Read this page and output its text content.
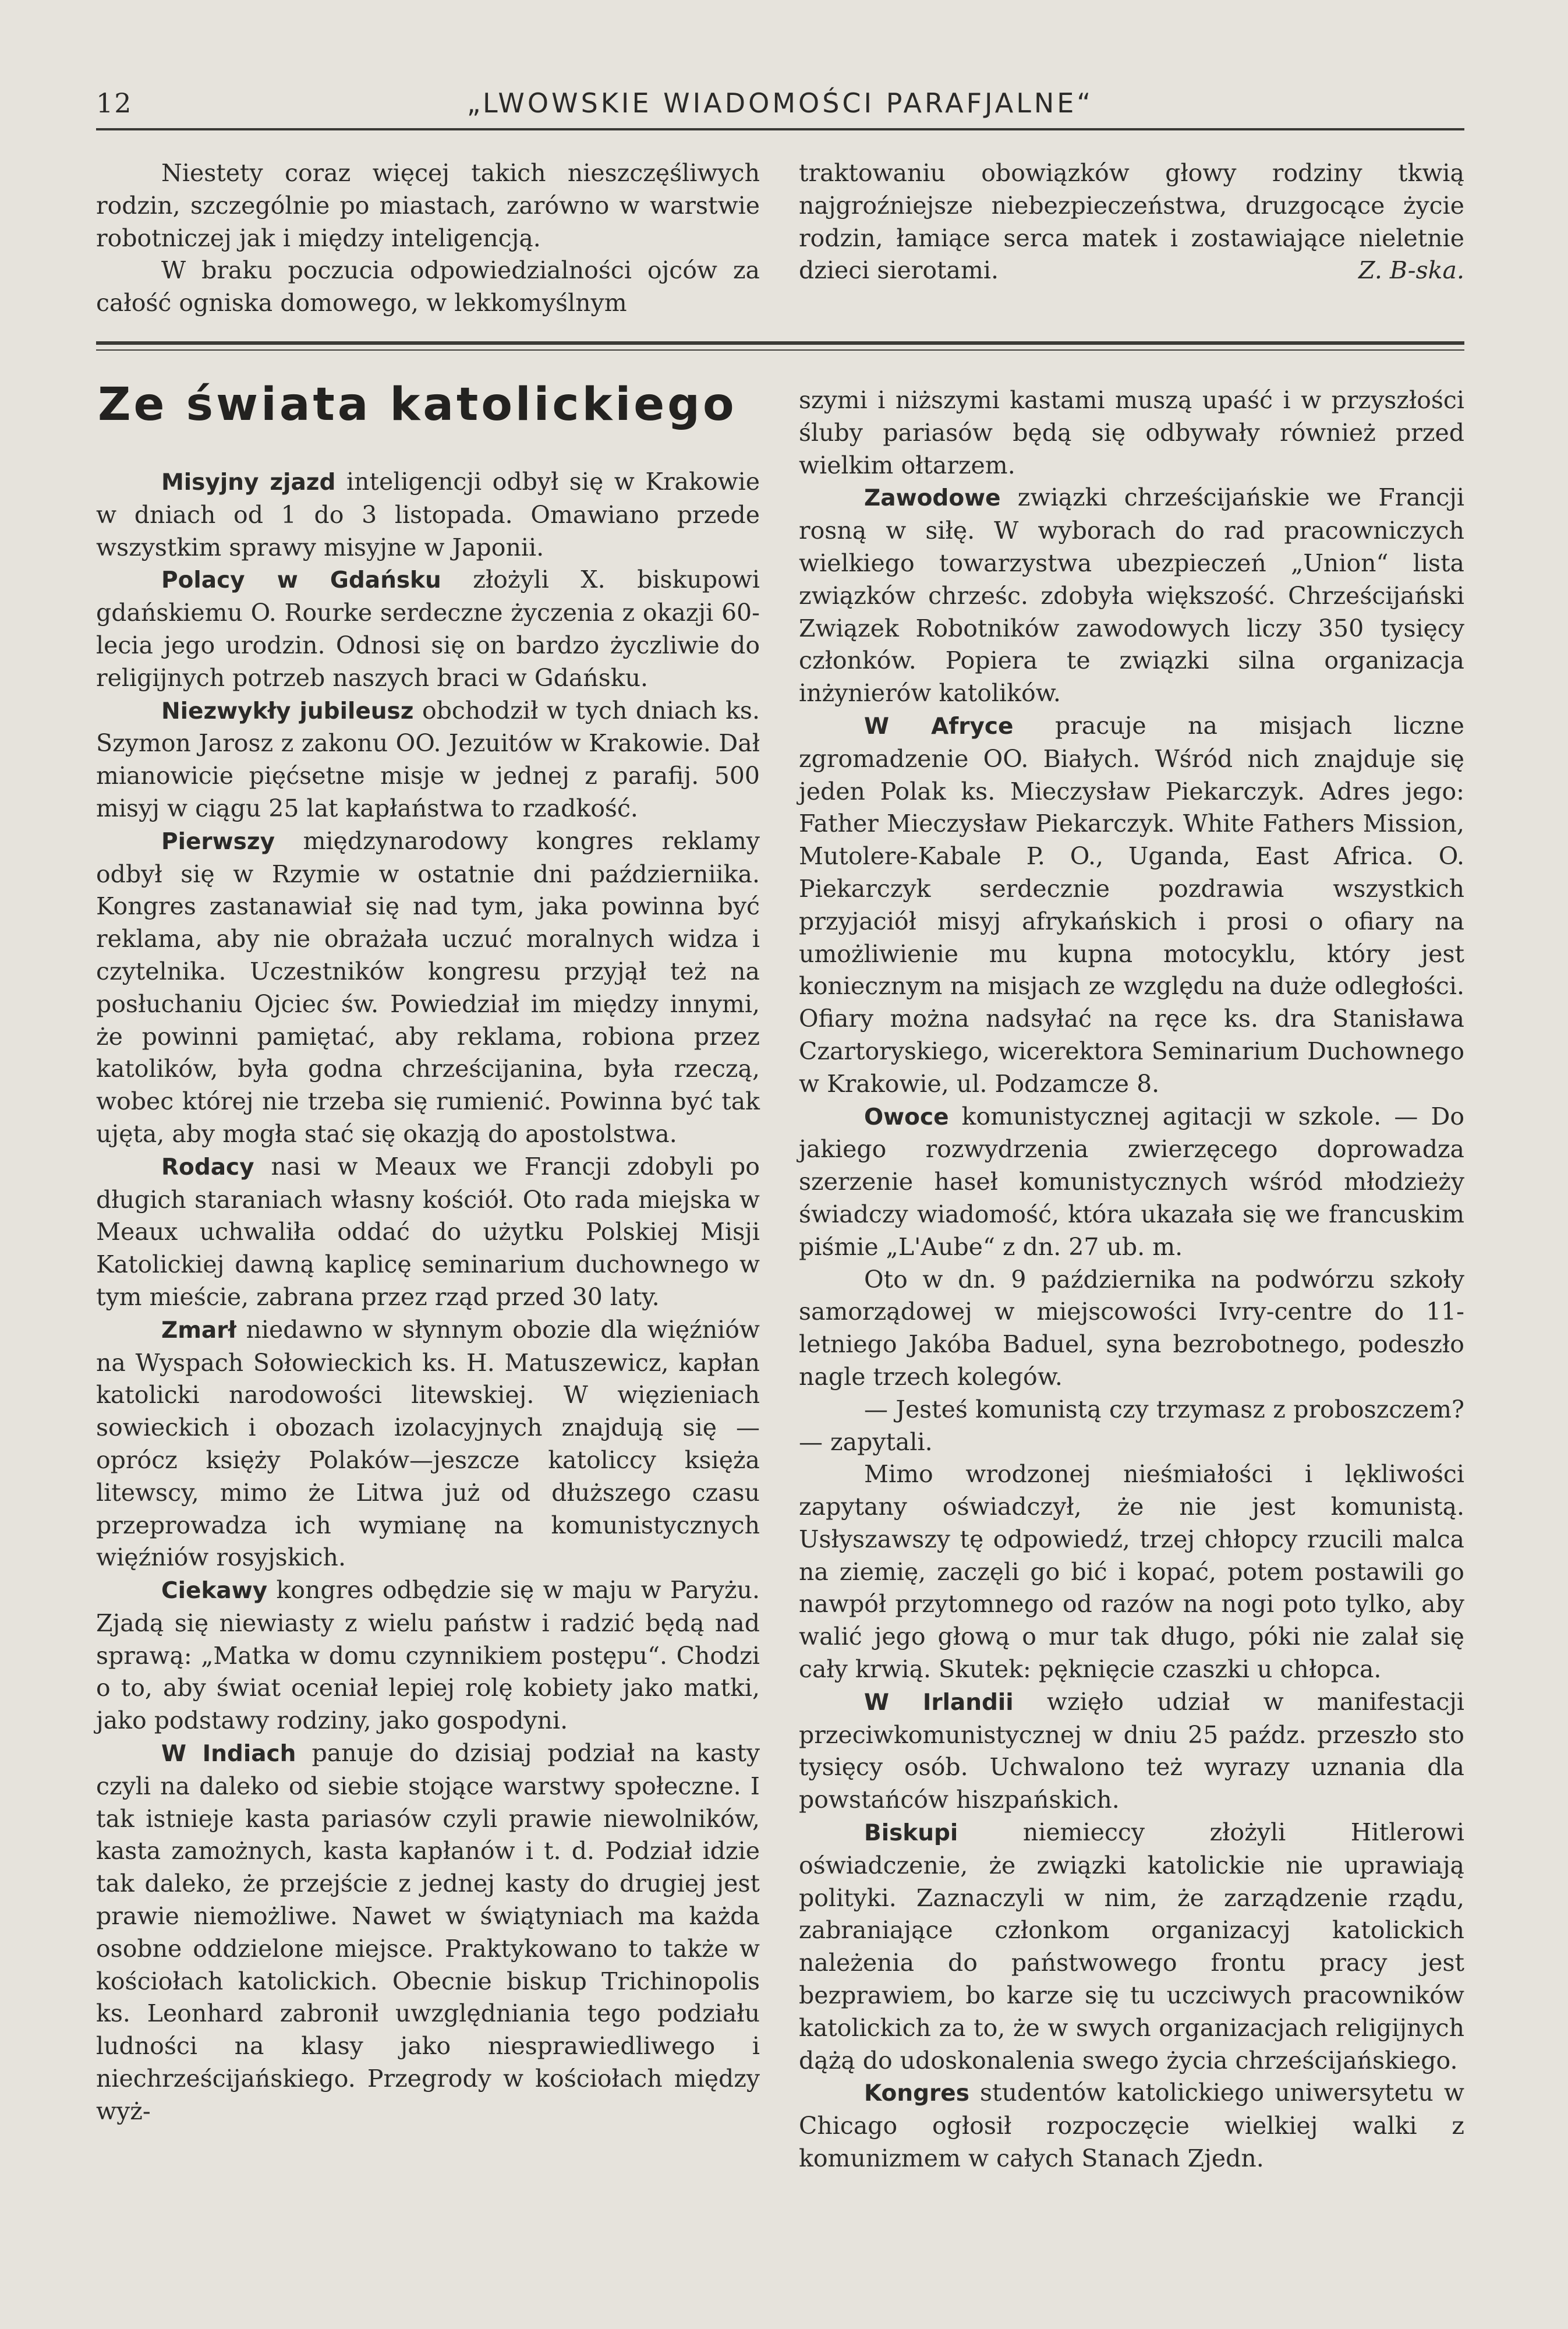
12	„LWOWSKIE WIADOMOŚCI PARAFJALNE“

Niestety coraz więcej takich nieszczęśliwych rodzin, szczególnie po miastach, zarówno w warstwie robotniczej jak i między inteligencją.

W braku poczucia odpowiedzialności ojców za całość ogniska domowego, w lekkomyślnym

traktowaniu obowiązków głowy rodziny tkwią najgroźniejsze niebezpieczeństwa, druzgocące życie rodzin, łamiące serca matek i zostawiające nieletnie dzieci sierotami.	Z. B-ska.

Ze świata katolickiego

Misyjny zjazd inteligencji odbył się w Krakowie w dniach od 1 do 3 listopada. Omawiano przede wszystkim sprawy misyjne w Japonii.

Polacy w Gdańsku złożyli X. biskupowi gdańskiemu O. Rourke serdeczne życzenia z okazji 60-lecia jego urodzin. Odnosi się on bardzo życzliwie do religijnych potrzeb naszych braci w Gdańsku.

Niezwykły jubileusz obchodził w tych dniach ks. Szymon Jarosz z zakonu OO. Jezuitów w Krakowie. Dał mianowicie pięćsetne misje w jednej z parafij. 500 misyj w ciągu 25 lat kapłaństwa to rzadkość.

Pierwszy międzynarodowy kongres reklamy odbył się w Rzymie w ostatnie dni październiika. Kongres zastanawiał się nad tym, jaka powinna być reklama, aby nie obrażała uczuć moralnych widza i czytelnika. Uczestników kongresu przyjął też na posłuchaniu Ojciec św. Powiedział im między innymi, że powinni pamiętać, aby reklama, robiona przez katolików, była godna chrześcijanina, była rzeczą, wobec której nie trzeba się rumienić. Powinna być tak ujęta, aby mogła stać się okazją do apostolstwa.

Rodacy nasi w Meaux we Francji zdobyli po długich staraniach własny kościół. Oto rada miejska w Meaux uchwaliła oddać do użytku Polskiej Misji Katolickiej dawną kaplicę seminarium duchownego w tym mieście, zabrana przez rząd przed 30 laty.

Zmarł niedawno w słynnym obozie dla więźniów na Wyspach Sołowieckich ks. H. Matuszewicz, kapłan katolicki narodowości litewskiej. W więzieniach sowieckich i obozach izolacyjnych znajdują się — oprócz księży Polaków—jeszcze katoliccy księża litewscy, mimo że Litwa już od dłuższego czasu przeprowadza ich wymianę na komunistycznych więźniów rosyjskich.

Ciekawy kongres odbędzie się w maju w Paryżu. Zjadą się niewiasty z wielu państw i radzić będą nad sprawą: „Matka w domu czynnikiem postępu“. Chodzi o to, aby świat oceniał lepiej rolę kobiety jako matki, jako podstawy rodziny, jako gospodyni.

W Indiach panuje do dzisiaj podział na kasty czyli na daleko od siebie stojące warstwy społeczne. I tak istnieje kasta pariasów czyli prawie niewolników, kasta zamożnych, kasta kapłanów i t. d. Podział idzie tak daleko, że przejście z jednej kasty do drugiej jest prawie niemożliwe. Nawet w świątyniach ma każda osobne oddzielone miejsce. Praktykowano to także w kościołach katolickich. Obecnie biskup Trichinopolis ks. Leonhard zabronił uwzględniania tego podziału ludności na klasy jako niesprawiedliwego i niechrześcijańskiego. Przegrody w kościołach między wyż-

szymi i niższymi kastami muszą upaść i w przyszłości śluby pariasów będą się odbywały również przed wielkim ołtarzem.

Zawodowe związki chrześcijańskie we Francji rosną w siłę. W wyborach do rad pracowniczych wielkiego towarzystwa ubezpieczeń „Union“ lista związków chrześc. zdobyła większość. Chrześcijański Związek Robotników zawodowych liczy 350 tysięcy członków. Popiera te związki silna organizacja inżynierów katolików.

W Afryce pracuje na misjach liczne zgromadzenie OO. Białych. Wśród nich znajduje się jeden Polak ks. Mieczysław Piekarczyk. Adres jego: Father Mieczysław Piekarczyk. White Fathers Mission, Mutolere-Kabale P. O., Uganda, East Africa. O. Piekarczyk serdecznie pozdrawia wszystkich przyjaciół misyj afrykańskich i prosi o ofiary na umożliwienie mu kupna motocyklu, który jest koniecznym na misjach ze względu na duże odległości. Ofiary można nadsyłać na ręce ks. dra Stanisława Czartoryskiego, wicerektora Seminarium Duchownego w Krakowie, ul. Podzamcze 8.

Owoce komunistycznej agitacji w szkole. — Do jakiego rozwydrzenia zwierzęcego doprowadza szerzenie haseł komunistycznych wśród młodzieży świadczy wiadomość, która ukazała się we francuskim piśmie „L'Aube“ z dn. 27 ub. m.

Oto w dn. 9 października na podwórzu szkoły samorządowej w miejscowości Ivry-centre do 11-letniego Jakóba Baduel, syna bezrobotnego, podeszło nagle trzech kolegów.

— Jesteś komunistą czy trzymasz z proboszczem? — zapytali.

Mimo wrodzonej nieśmiałości i lękliwości zapytany oświadczył, że nie jest komunistą. Usłyszawszy tę odpowiedź, trzej chłopcy rzucili malca na ziemię, zaczęli go bić i kopać, potem postawili go nawpół przytomnego od razów na nogi poto tylko, aby walić jego głową o mur tak długo, póki nie zalał się cały krwią. Skutek: pęknięcie czaszki u chłopca.

W Irlandii wzięło udział w manifestacji przeciwkomunistycznej w dniu 25 paźdz. przeszło sto tysięcy osób. Uchwalono też wyrazy uznania dla powstańców hiszpańskich.

Biskupi niemieccy złożyli Hitlerowi oświadczenie, że związki katolickie nie uprawiają polityki. Zaznaczyli w nim, że zarządzenie rządu, zabraniające członkom organizacyj katolickich należenia do państwowego frontu pracy jest bezprawiem, bo karze się tu uczciwych pracowników katolickich za to, że w swych organizacjach religijnych dążą do udoskonalenia swego życia chrześcijańskiego.

Kongres studentów katolickiego uniwersytetu w Chicago ogłosił rozpoczęcie wielkiej walki z komunizmem w całych Stanach Zjedn.
